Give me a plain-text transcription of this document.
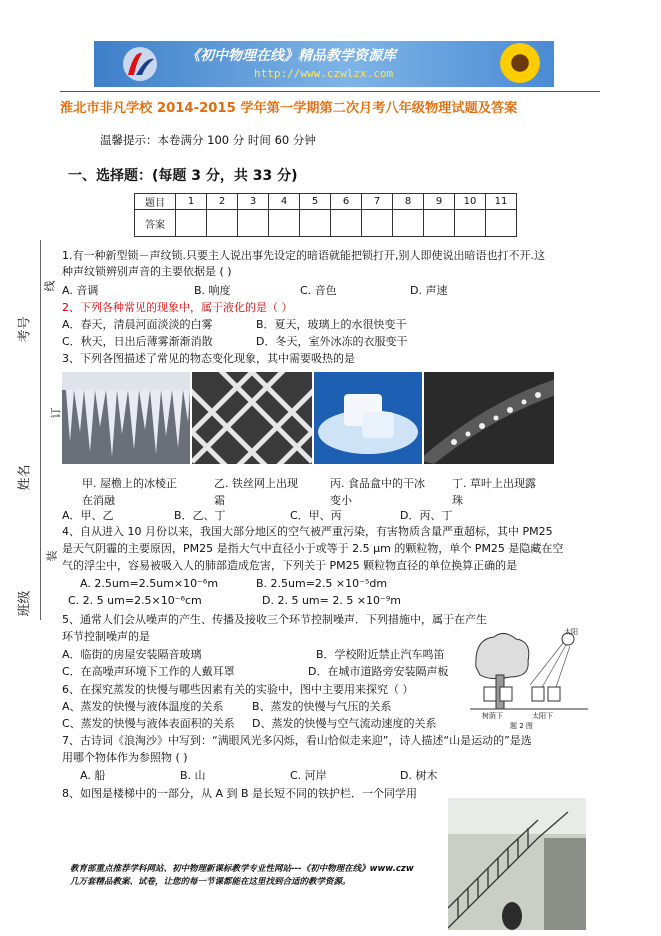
《初中物理在线》精品教学资源库
http://www.czwlzx.com
淮北市非凡学校 2014-2015 学年第一学期第二次月考八年级物理试题及答案
温馨提示：本卷满分 100 分 时间 60 分钟
一、选择题：(每题 3 分，共 33 分)
题目	1	2	3	4	5	6	7	8	9	10	11
答案											
考号
姓名
班级
线
订
装
1.有一种新型锁－声纹锁.只要主人说出事先设定的暗语就能把锁打开,别人即使说出暗语也打不开.这
种声纹锁辨别声音的主要依据是 ( )
A. 音调	B. 响度	C. 音色	D. 声速
2、下列各种常见的现象中，属于液化的是（ ）
A．春天，清晨河面淡淡的白雾	B．夏天，玻璃上的水很快变干
C．秋天，日出后薄雾渐渐消散	D．冬天，室外冰冻的衣服变干
3、下列各图描述了常见的物态变化现象，其中需要吸热的是
甲. 屋檐上的冰棱正在消融
乙. 铁丝网上出现霜
丙. 食品盒中的干冰变小
丁. 草叶上出现露珠
A．甲、乙	B．乙、丁	C．甲、丙	D．丙、丁
4、自从进入 10 月份以来，我国大部分地区的空气被严重污染，有害物质含量严重超标，其中 PM25
是天气阴霾的主要原因，PM25 是指大气中直径小于或等于 2.5 μm 的颗粒物，单个 PM25 是隐藏在空
气的浮尘中，容易被吸入人的肺部造成危害，下列关于 PM25 颗粒物直径的单位换算正确的是
A. 2.5um=2.5um×10⁻⁶m	B. 2.5um=2.5 ×10⁻⁵dm
C. 2. 5 um=2.5×10⁻⁶cm	D. 2. 5 um= 2. 5 ×10⁻⁹m
5、通常人们会从噪声的产生、传播及接收三个环节控制噪声．下列措施中，属于在产生
环节控制噪声的是
A．临街的房屋安装隔音玻璃	B．学校附近禁止汽车鸣笛
C．在高噪声环境下工作的人戴耳罩	D．在城市道路旁安装隔声板
太阳
树荫下	太阳下
题 2 图
6、在探究蒸发的快慢与哪些因素有关的实验中，图中主要用来探究（ ）
A、蒸发的快慢与液体温度的关系	B、蒸发的快慢与气压的关系
C、蒸发的快慢与液体表面积的关系 D、蒸发的快慢与空气流动速度的关系
7、古诗词《浪淘沙》中写到：“满眼风光多闪烁，看山恰似走来迎”，诗人描述“山是运动的”是选
用哪个物体作为参照物 ( )
A. 船	B. 山	C. 河岸	D. 树木
8、如图是楼梯中的一部分，从 A 到 B 是长短不同的铁护栏．一个同学用
教育部重点推荐学科网站、初中物理新课标教学专业性网站---《初中物理在线》www.czw
几万套精品教案、试卷，让您的每一节课都能在这里找到合适的教学资源。
